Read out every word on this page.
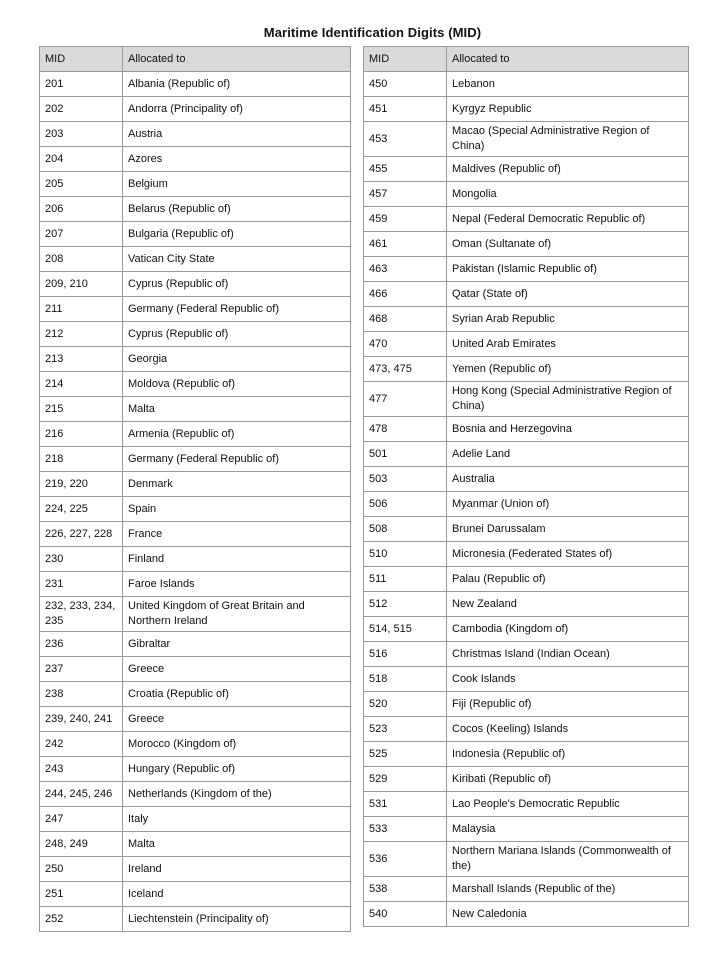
Maritime Identification Digits (MID)
MID	Allocated to
201	Albania (Republic of)
202	Andorra (Principality of)
203	Austria
204	Azores
205	Belgium
206	Belarus (Republic of)
207	Bulgaria (Republic of)
208	Vatican City State
209, 210	Cyprus (Republic of)
211	Germany (Federal Republic of)
212	Cyprus (Republic of)
213	Georgia
214	Moldova (Republic of)
215	Malta
216	Armenia (Republic of)
218	Germany (Federal Republic of)
219, 220	Denmark
224, 225	Spain
226, 227, 228	France
230	Finland
231	Faroe Islands
232, 233, 234, 235	United Kingdom of Great Britain and Northern Ireland
236	Gibraltar
237	Greece
238	Croatia (Republic of)
239, 240, 241	Greece
242	Morocco (Kingdom of)
243	Hungary (Republic of)
244, 245, 246	Netherlands (Kingdom of the)
247	Italy
248, 249	Malta
250	Ireland
251	Iceland
252	Liechtenstein (Principality of)
MID	Allocated to
450	Lebanon
451	Kyrgyz Republic
453	Macao (Special Administrative Region of China)
455	Maldives (Republic of)
457	Mongolia
459	Nepal (Federal Democratic Republic of)
461	Oman (Sultanate of)
463	Pakistan (Islamic Republic of)
466	Qatar (State of)
468	Syrian Arab Republic
470	United Arab Emirates
473, 475	Yemen (Republic of)
477	Hong Kong (Special Administrative Region of China)
478	Bosnia and Herzegovina
501	Adelie Land
503	Australia
506	Myanmar (Union of)
508	Brunei Darussalam
510	Micronesia (Federated States of)
511	Palau (Republic of)
512	New Zealand
514, 515	Cambodia (Kingdom of)
516	Christmas Island (Indian Ocean)
518	Cook Islands
520	Fiji (Republic of)
523	Cocos (Keeling) Islands
525	Indonesia (Republic of)
529	Kiribati (Republic of)
531	Lao People's Democratic Republic
533	Malaysia
536	Northern Mariana Islands (Commonwealth of the)
538	Marshall Islands (Republic of the)
540	New Caledonia
